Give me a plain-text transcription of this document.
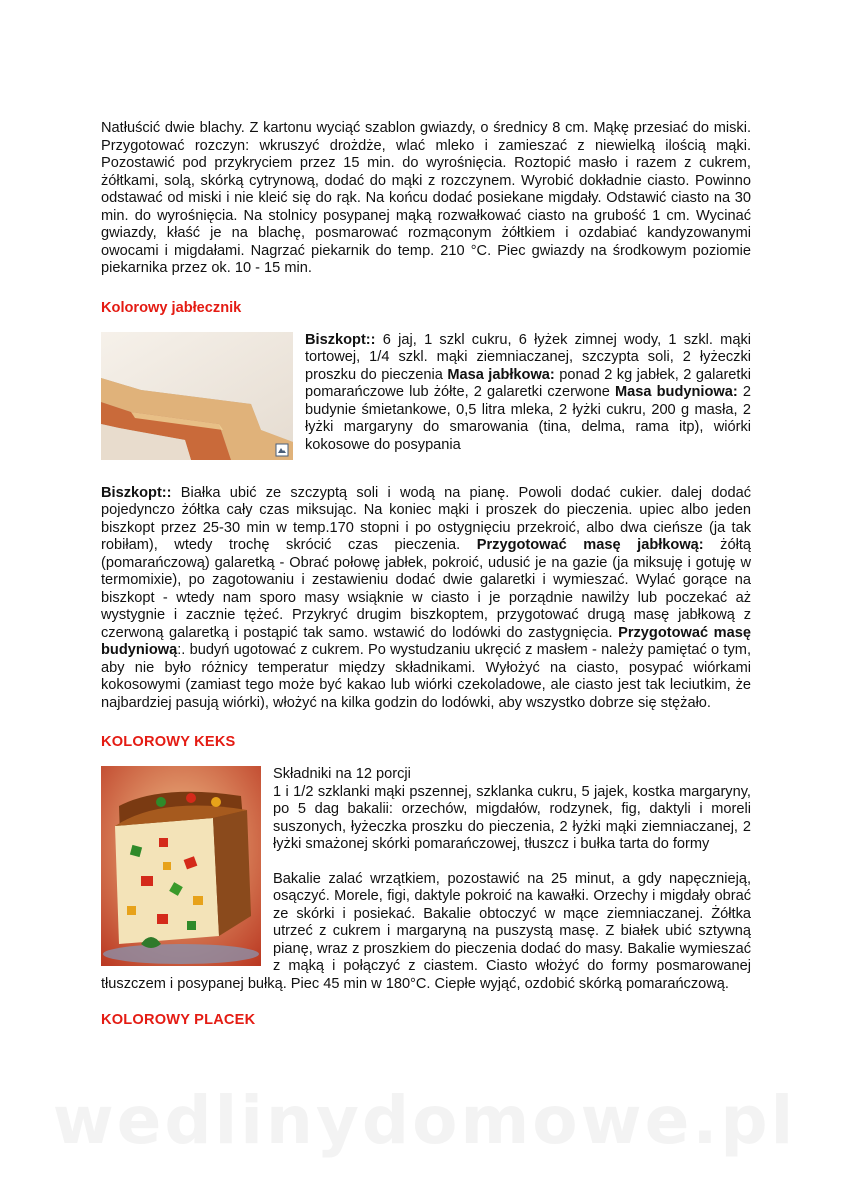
Natłuścić dwie blachy. Z kartonu wyciąć szablon gwiazdy, o średnicy 8 cm. Mąkę przesiać do miski. Przygotować rozczyn: wkruszyć drożdże, wlać mleko i zamieszać z niewielką ilością mąki. Pozostawić pod przykryciem przez 15 min. do wyrośnięcia. Roztopić masło i razem z cukrem, żółtkami, solą, skórką cytrynową, dodać do mąki z rozczynem. Wyrobić dokładnie ciasto. Powinno odstawać od miski i nie kleić się do rąk. Na końcu dodać posiekane migdały. Odstawić ciasto na 30 min. do wyrośnięcia. Na stolnicy posypanej mąką rozwałkować ciasto na grubość 1 cm. Wycinać gwiazdy, kłaść je na blachę, posmarować rozmąconym żółtkiem i ozdabiać kandyzowanymi owocami i migdałami. Nagrzać piekarnik do temp. 210 °C. Piec gwiazdy na środkowym poziomie piekarnika przez ok. 10 - 15 min.

Kolorowy jabłecznik

Biszkopt:: 6 jaj, 1 szkl cukru, 6 łyżek zimnej wody, 1 szkl. mąki tortowej, 1/4 szkl. mąki ziemniaczanej, szczypta soli, 2 łyżeczki proszku do pieczenia Masa jabłkowa: ponad 2 kg jabłek, 2 galaretki pomarańczowe lub żółte, 2 galaretki czerwone Masa budyniowa: 2 budynie śmietankowe, 0,5 litra mleka, 2 łyżki cukru, 200 g masła, 2 łyżki margaryny do smarowania (tina, delma, rama itp), wiórki kokosowe do posypania

Biszkopt:: Białka ubić ze szczyptą soli i wodą na pianę. Powoli dodać cukier. dalej dodać pojedynczo żółtka cały czas miksując. Na koniec mąki i proszek do pieczenia. upiec albo jeden biszkopt przez 25-30 min w temp.170 stopni i po ostygnięciu przekroić, albo dwa cieńsze (ja tak robiłam), wtedy trochę skrócić czas pieczenia. Przygotować masę jabłkową: żółtą (pomarańczową) galaretką - Obrać połowę jabłek, pokroić, udusić je na gazie (ja miksuję i gotuję w termomixie), po zagotowaniu i zestawieniu dodać dwie galaretki i wymieszać. Wylać gorące na biszkopt - wtedy nam sporo masy wsiąknie w ciasto i je porządnie nawilży lub poczekać aż wystygnie i zacznie tężeć. Przykryć drugim biszkoptem, przygotować drugą masę jabłkową z czerwoną galaretką i postąpić tak samo. wstawić do lodówki do zastygnięcia. Przygotować masę budyniową:. budyń ugotować z cukrem. Po wystudzaniu ukręcić z masłem - należy pamiętać o tym, aby nie było różnicy temperatur między składnikami. Wyłożyć na ciasto, posypać wiórkami kokosowymi (zamiast tego może być kakao lub wiórki czekoladowe, ale ciasto jest tak leciutkim, że najbardziej pasują wiórki), włożyć na kilka godzin do lodówki, aby wszystko dobrze się stężało.

KOLOROWY KEKS

Składniki na 12 porcji

1 i 1/2 szklanki mąki pszennej, szklanka cukru, 5 jajek, kostka margaryny, po 5 dag bakalii: orzechów, migdałów, rodzynek, fig, daktyli i moreli suszonych, łyżeczka proszku do pieczenia, 2 łyżki mąki ziemniaczanej, 2 łyżki smażonej skórki pomarańczowej, tłuszcz i bułka tarta do formy

Bakalie zalać wrzątkiem, pozostawić na 25 minut, a gdy napęcznieją, osączyć. Morele, figi, daktyle pokroić na kawałki. Orzechy i migdały obrać ze skórki i posiekać. Bakalie obtoczyć w mące ziemniaczanej. Żółtka utrzeć z cukrem i margaryną na puszystą masę. Z białek ubić sztywną pianę, wraz z proszkiem do pieczenia dodać do masy. Bakalie wymieszać z mąką i połączyć z ciastem. Ciasto włożyć do formy posmarowanej tłuszczem i posypanej bułką. Piec 45 min w 180°C. Ciepłe wyjąć, ozdobić skórką pomarańczową.

KOLOROWY PLACEK
wedlinydomowe.pl
